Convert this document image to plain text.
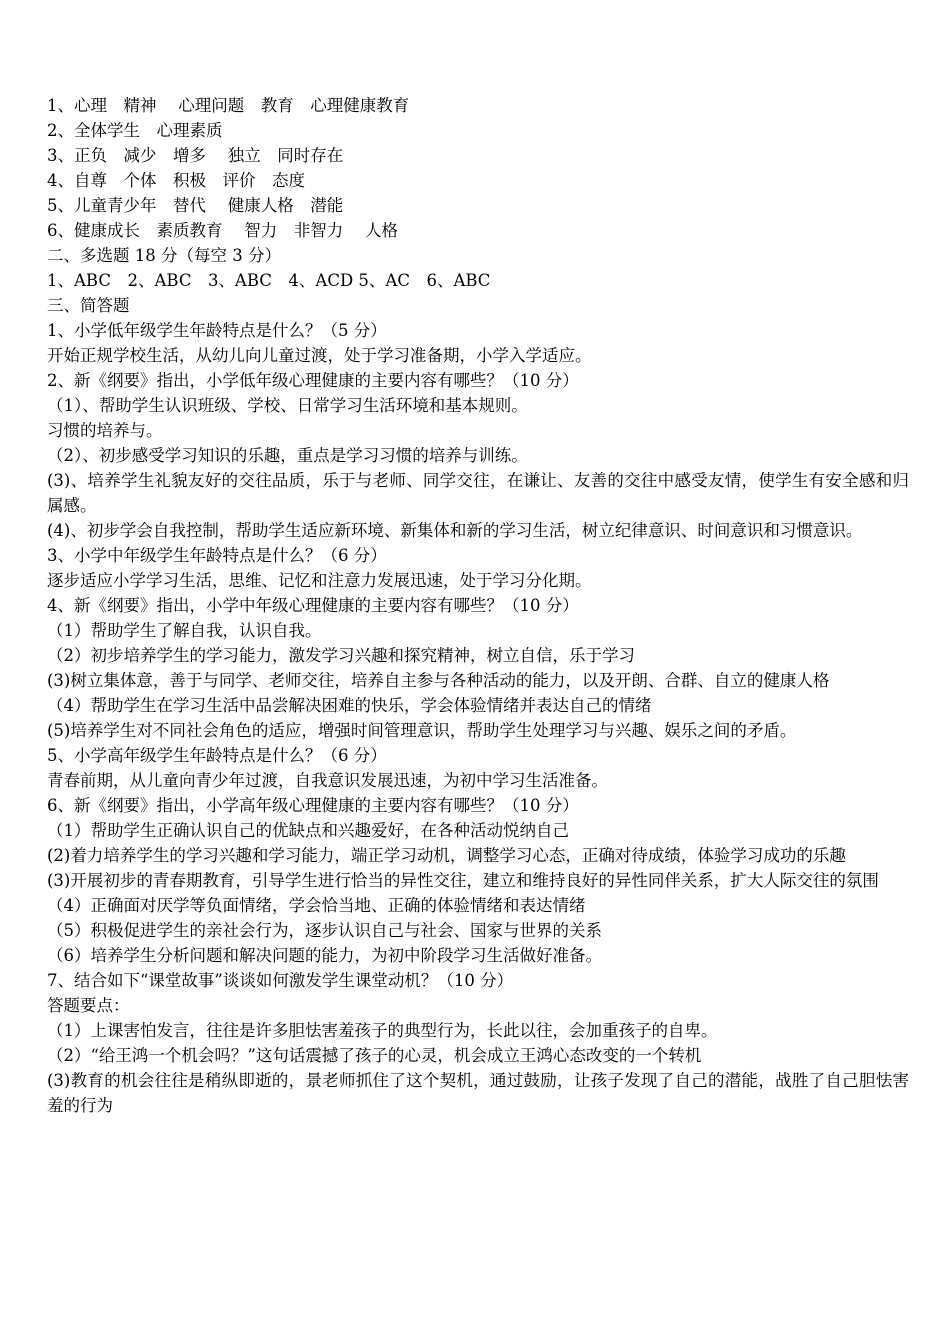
1、心理　精神　 心理问题　教育　心理健康教育
2、全体学生　心理素质
3、正负　减少　增多　 独立　同时存在
4、自尊　个体　积极　评价　态度
5、儿童青少年　替代　 健康人格　潜能
6、健康成长　素质教育　 智力　非智力　 人格
二、多选题 18 分（每空 3 分）
1、ABC　2、ABC　3、ABC　4、ACD 5、AC　6、ABC
三、简答题
1、小学低年级学生年龄特点是什么？（5 分）
开始正规学校生活，从幼儿向儿童过渡，处于学习准备期，小学入学适应。
2、新《纲要》指出，小学低年级心理健康的主要内容有哪些？（10 分）
（1）、帮助学生认识班级、学校、日常学习生活环境和基本规则。
习惯的培养与。
（2）、初步感受学习知识的乐趣，重点是学习习惯的培养与训练。
(3)、培养学生礼貌友好的交往品质，乐于与老师、同学交往，在谦让、友善的交往中感受友情，使学生有安全感和归属感。
(4)、初步学会自我控制，帮助学生适应新环境、新集体和新的学习生活，树立纪律意识、时间意识和习惯意识。
3、小学中年级学生年龄特点是什么？（6 分）
逐步适应小学学习生活，思维、记忆和注意力发展迅速，处于学习分化期。
4、新《纲要》指出，小学中年级心理健康的主要内容有哪些？（10 分）
（1）帮助学生了解自我，认识自我。
（2）初步培养学生的学习能力，激发学习兴趣和探究精神，树立自信，乐于学习
(3)树立集体意，善于与同学、老师交往，培养自主参与各种活动的能力，以及开朗、合群、自立的健康人格
（4）帮助学生在学习生活中品尝解决困难的快乐，学会体验情绪并表达自己的情绪
(5)培养学生对不同社会角色的适应，增强时间管理意识，帮助学生处理学习与兴趣、娱乐之间的矛盾。
5、小学高年级学生年龄特点是什么？（6 分）
青春前期，从儿童向青少年过渡，自我意识发展迅速，为初中学习生活准备。
6、新《纲要》指出，小学高年级心理健康的主要内容有哪些？（10 分）
（1）帮助学生正确认识自己的优缺点和兴趣爱好，在各种活动悦纳自己
(2)着力培养学生的学习兴趣和学习能力，端正学习动机，调整学习心态，正确对待成绩，体验学习成功的乐趣
(3)开展初步的青春期教育，引导学生进行恰当的异性交往，建立和维持良好的异性同伴关系，扩大人际交往的氛围
（4）正确面对厌学等负面情绪，学会恰当地、正确的体验情绪和表达情绪
（5）积极促进学生的亲社会行为，逐步认识自己与社会、国家与世界的关系
（6）培养学生分析问题和解决问题的能力，为初中阶段学习生活做好准备。
7、结合如下“课堂故事”谈谈如何激发学生课堂动机？（10 分）
答题要点：
（1）上课害怕发言，往往是许多胆怯害羞孩子的典型行为，长此以往，会加重孩子的自卑。
（2）“给王鸿一个机会吗？”这句话震撼了孩子的心灵，机会成立王鸿心态改变的一个转机
(3)教育的机会往往是稍纵即逝的，景老师抓住了这个契机，通过鼓励，让孩子发现了自己的潜能，战胜了自己胆怯害羞的行为
